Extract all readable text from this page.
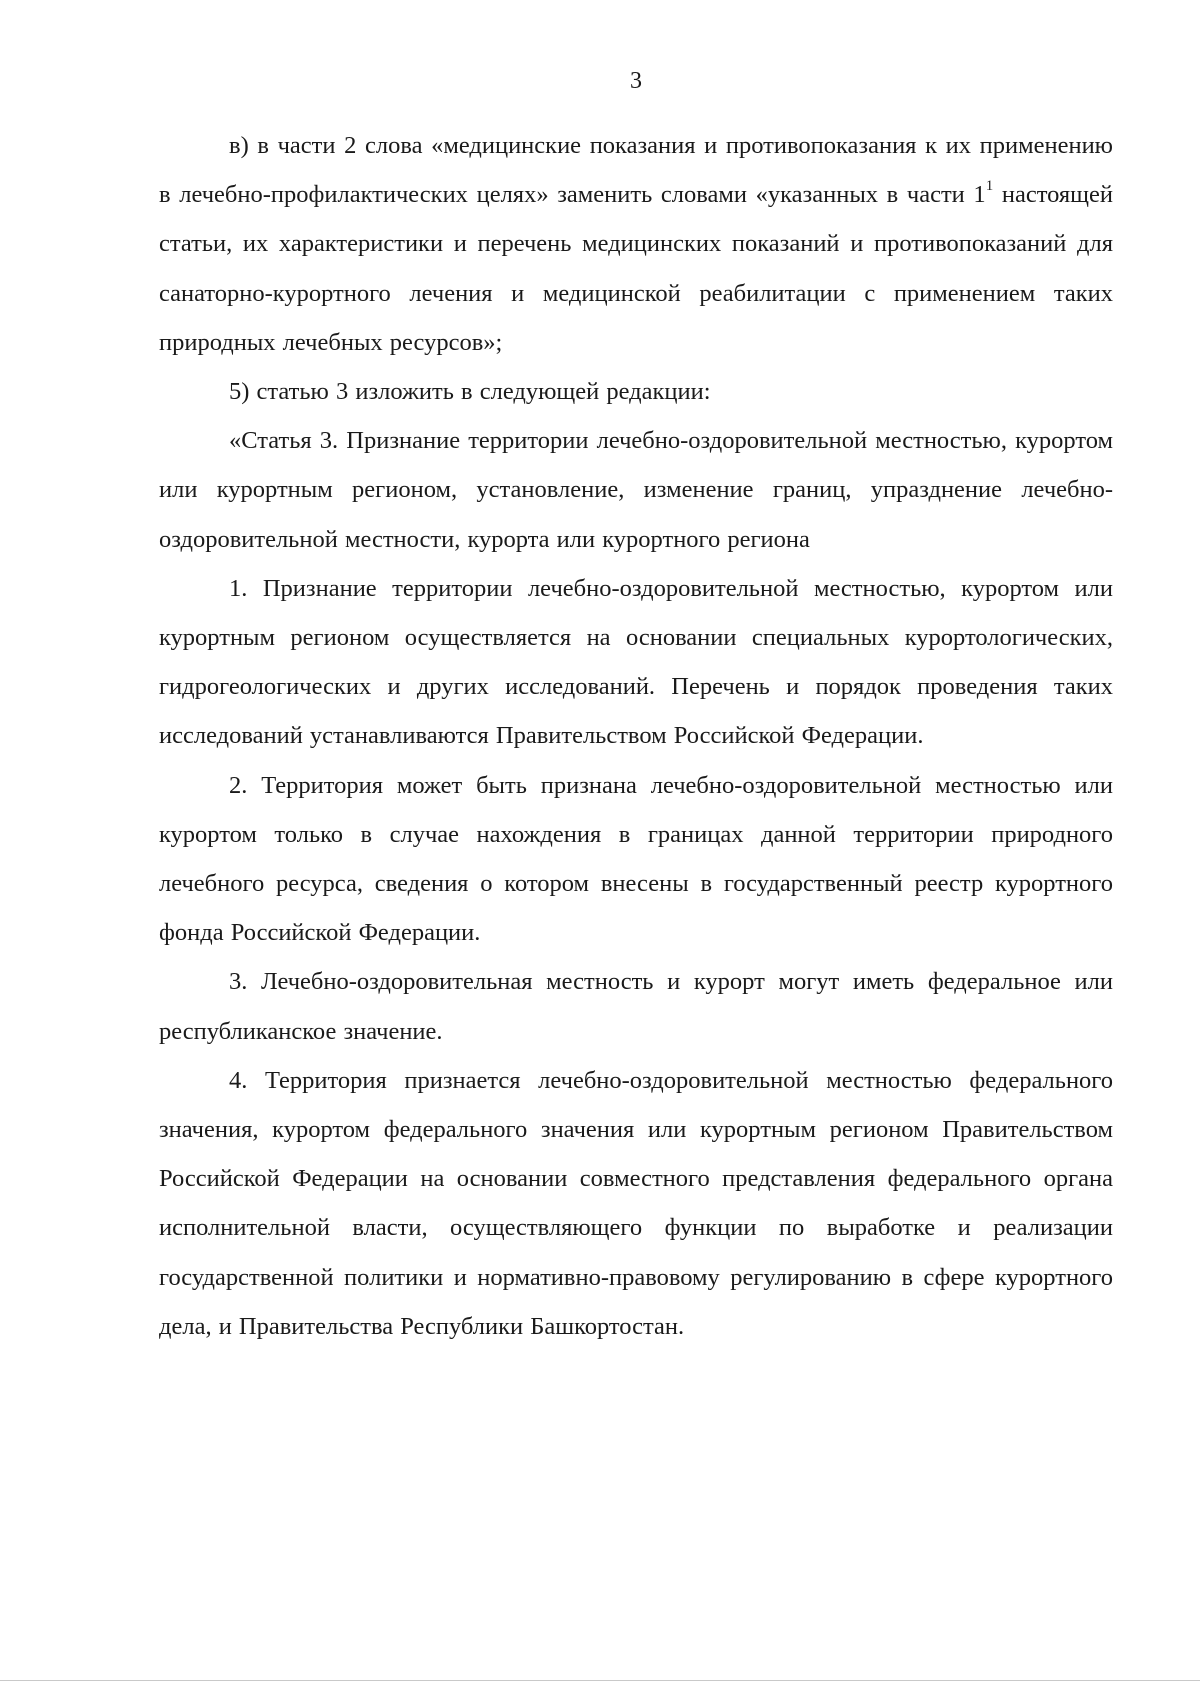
3

в) в части 2 слова «медицинские показания и противопоказания к их применению в лечебно-профилактических целях» заменить словами «указанных в части $1^1$ настоящей статьи, их характеристики и перечень медицинских показаний и противопоказаний для санаторно-курортного лечения и медицинской реабилитации с применением таких природных лечебных ресурсов»;

5) статью 3 изложить в следующей редакции:

«Статья 3. Признание территории лечебно-оздоровительной местностью, курортом или курортным регионом, установление, изменение границ, упразднение лечебно-оздоровительной местности, курорта или курортного региона

1. Признание территории лечебно-оздоровительной местностью, курортом или курортным регионом осуществляется на основании специальных курортологических, гидрогеологических и других исследований. Перечень и порядок проведения таких исследований устанавливаются Правительством Российской Федерации.

2. Территория может быть признана лечебно-оздоровительной местностью или курортом только в случае нахождения в границах данной территории природного лечебного ресурса, сведения о котором внесены в государственный реестр курортного фонда Российской Федерации.

3. Лечебно-оздоровительная местность и курорт могут иметь федеральное или республиканское значение.

4. Территория признается лечебно-оздоровительной местностью федерального значения, курортом федерального значения или курортным регионом Правительством Российской Федерации на основании совместного представления федерального органа исполнительной власти, осуществляющего функции по выработке и реализации государственной политики и нормативно-правовому регулированию в сфере курортного дела, и Правительства Республики Башкортостан.
